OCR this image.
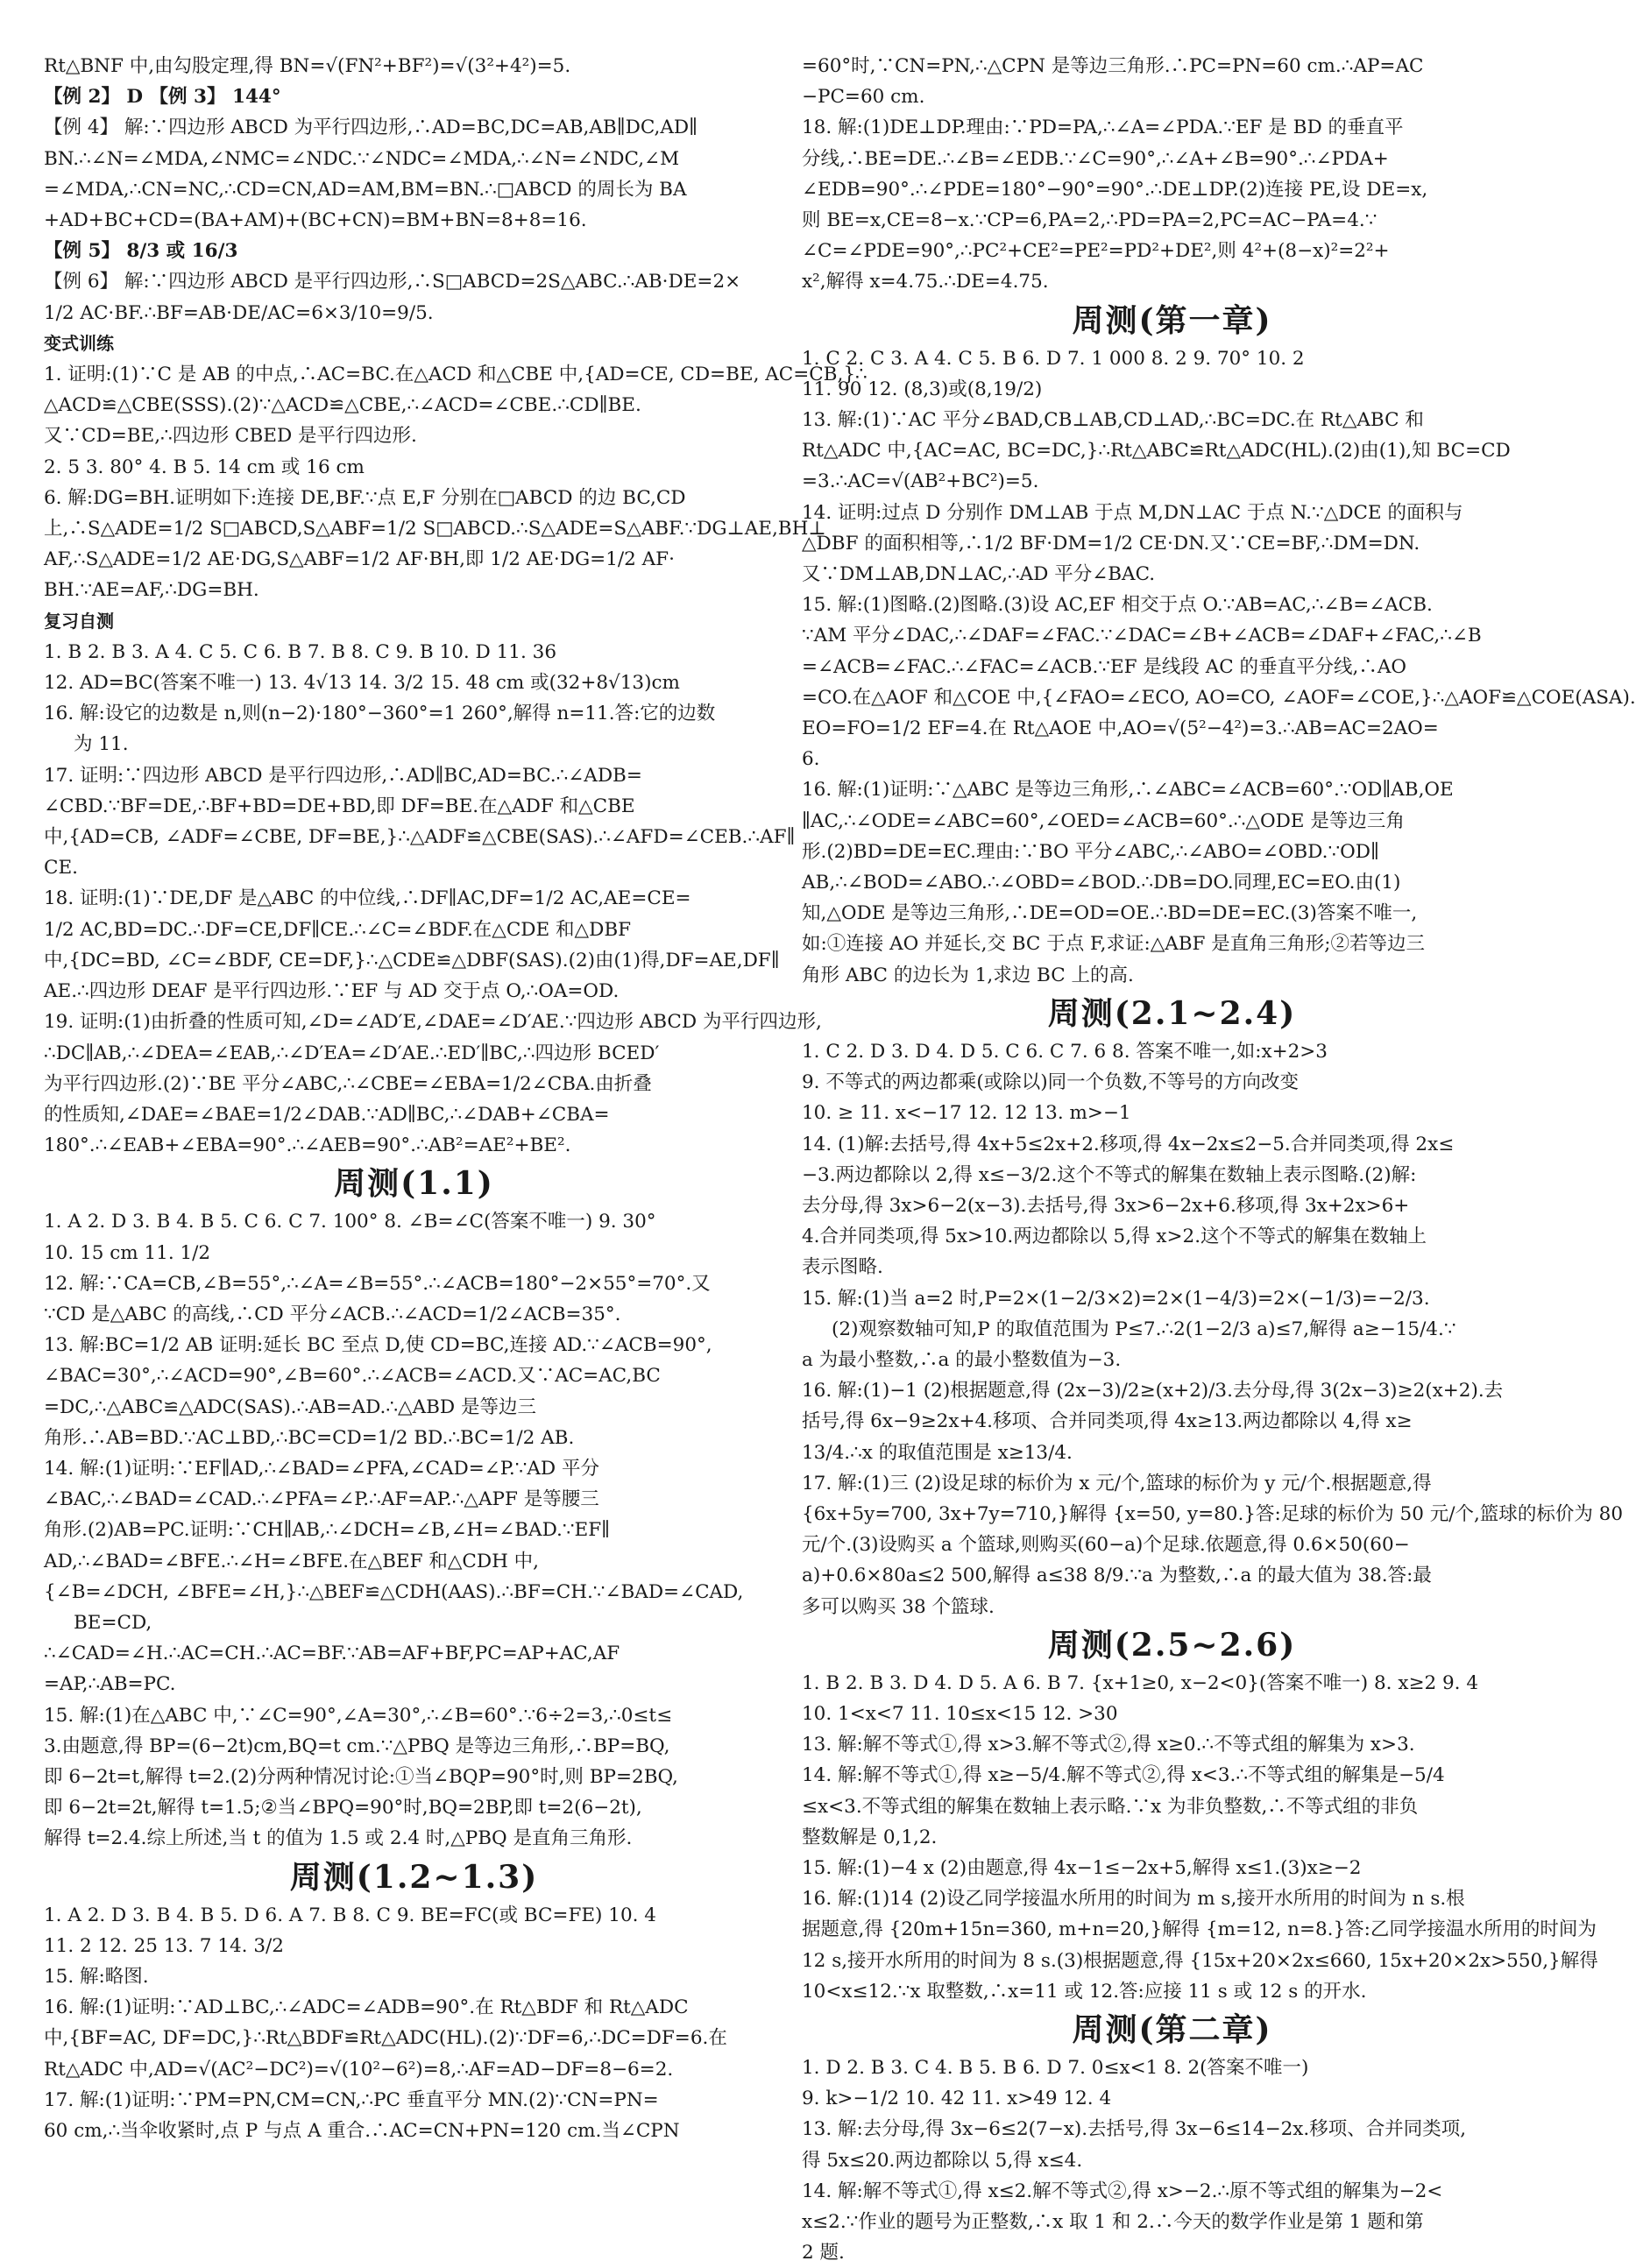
Rt△BNF 中,由勾股定理,得 BN=√(FN²+BF²)=√(3²+4²)=5.
【例 2】 D 【例 3】 144°
【例 4】 解:∵四边形 ABCD 为平行四边形,∴AD=BC,DC=AB,AB∥DC,AD∥
BN.∴∠N=∠MDA,∠NMC=∠NDC.∵∠NDC=∠MDA,∴∠N=∠NDC,∠M
=∠MDA,∴CN=NC,∴CD=CN,AD=AM,BM=BN.∴□ABCD 的周长为 BA
+AD+BC+CD=(BA+AM)+(BC+CN)=BM+BN=8+8=16.
【例 5】 8/3 或 16/3
【例 6】 解:∵四边形 ABCD 是平行四边形,∴S□ABCD=2S△ABC.∴AB·DE=2×
1/2 AC·BF.∴BF=AB·DE/AC=6×3/10=9/5.
变式训练
1. 证明:(1)∵C 是 AB 的中点,∴AC=BC.在△ACD 和△CBE 中,{AD=CE, CD=BE, AC=CB,}∴
△ACD≌△CBE(SSS).(2)∵△ACD≌△CBE,∴∠ACD=∠CBE.∴CD∥BE.
又∵CD=BE,∴四边形 CBED 是平行四边形.
2. 5 3. 80° 4. B 5. 14 cm 或 16 cm
6. 解:DG=BH.证明如下:连接 DE,BF.∵点 E,F 分别在□ABCD 的边 BC,CD
上,∴S△ADE=1/2 S□ABCD,S△ABF=1/2 S□ABCD.∴S△ADE=S△ABF.∵DG⊥AE,BH⊥
AF,∴S△ADE=1/2 AE·DG,S△ABF=1/2 AF·BH,即 1/2 AE·DG=1/2 AF·
BH.∵AE=AF,∴DG=BH.
复习自测
1. B 2. B 3. A 4. C 5. C 6. B 7. B 8. C 9. B 10. D 11. 36
12. AD=BC(答案不唯一) 13. 4√13 14. 3/2 15. 48 cm 或(32+8√13)cm
16. 解:设它的边数是 n,则(n−2)·180°−360°=1 260°,解得 n=11.答:它的边数
为 11.
17. 证明:∵四边形 ABCD 是平行四边形,∴AD∥BC,AD=BC.∴∠ADB=
∠CBD.∵BF=DE,∴BF+BD=DE+BD,即 DF=BE.在△ADF 和△CBE
中,{AD=CB, ∠ADF=∠CBE, DF=BE,}∴△ADF≌△CBE(SAS).∴∠AFD=∠CEB.∴AF∥
CE.
18. 证明:(1)∵DE,DF 是△ABC 的中位线,∴DF∥AC,DF=1/2 AC,AE=CE=
1/2 AC,BD=DC.∴DF=CE,DF∥CE.∴∠C=∠BDF.在△CDE 和△DBF
中,{DC=BD, ∠C=∠BDF, CE=DF,}∴△CDE≌△DBF(SAS).(2)由(1)得,DF=AE,DF∥
AE.∴四边形 DEAF 是平行四边形.∵EF 与 AD 交于点 O,∴OA=OD.
19. 证明:(1)由折叠的性质可知,∠D=∠AD′E,∠DAE=∠D′AE.∵四边形 ABCD 为平行四边形,
∴DC∥AB,∴∠DEA=∠EAB,∴∠D′EA=∠D′AE.∴ED′∥BC,∴四边形 BCED′
为平行四边形.(2)∵BE 平分∠ABC,∴∠CBE=∠EBA=1/2∠CBA.由折叠
的性质知,∠DAE=∠BAE=1/2∠DAB.∵AD∥BC,∴∠DAB+∠CBA=
180°.∴∠EAB+∠EBA=90°.∴∠AEB=90°.∴AB²=AE²+BE².
周测(1.1)
1. A 2. D 3. B 4. B 5. C 6. C 7. 100° 8. ∠B=∠C(答案不唯一) 9. 30°
10. 15 cm 11. 1/2
12. 解:∵CA=CB,∠B=55°,∴∠A=∠B=55°.∴∠ACB=180°−2×55°=70°.又
∵CD 是△ABC 的高线,∴CD 平分∠ACB.∴∠ACD=1/2∠ACB=35°.
13. 解:BC=1/2 AB 证明:延长 BC 至点 D,使 CD=BC,连接 AD.∵∠ACB=90°,
∠BAC=30°,∴∠ACD=90°,∠B=60°.∴∠ACB=∠ACD.又∵AC=AC,BC
=DC,∴△ABC≌△ADC(SAS).∴AB=AD.∴△ABD 是等边三
角形.∴AB=BD.∵AC⊥BD,∴BC=CD=1/2 BD.∴BC=1/2 AB.
14. 解:(1)证明:∵EF∥AD,∴∠BAD=∠PFA,∠CAD=∠P.∵AD 平分
∠BAC,∴∠BAD=∠CAD.∴∠PFA=∠P.∴AF=AP.∴△APF 是等腰三
角形.(2)AB=PC.证明:∵CH∥AB,∴∠DCH=∠B,∠H=∠BAD.∵EF∥
AD,∴∠BAD=∠BFE.∴∠H=∠BFE.在△BEF 和△CDH 中,
{∠B=∠DCH, ∠BFE=∠H,}∴△BEF≌△CDH(AAS).∴BF=CH.∵∠BAD=∠CAD,
BE=CD,
∴∠CAD=∠H.∴AC=CH.∴AC=BF.∵AB=AF+BF,PC=AP+AC,AF
=AP,∴AB=PC.
15. 解:(1)在△ABC 中,∵∠C=90°,∠A=30°,∴∠B=60°.∵6÷2=3,∴0≤t≤
3.由题意,得 BP=(6−2t)cm,BQ=t cm.∵△PBQ 是等边三角形,∴BP=BQ,
即 6−2t=t,解得 t=2.(2)分两种情况讨论:①当∠BQP=90°时,则 BP=2BQ,
即 6−2t=2t,解得 t=1.5;②当∠BPQ=90°时,BQ=2BP,即 t=2(6−2t),
解得 t=2.4.综上所述,当 t 的值为 1.5 或 2.4 时,△PBQ 是直角三角形.
周测(1.2~1.3)
1. A 2. D 3. B 4. B 5. D 6. A 7. B 8. C 9. BE=FC(或 BC=FE) 10. 4
11. 2 12. 25 13. 7 14. 3/2
15. 解:略图.
16. 解:(1)证明:∵AD⊥BC,∴∠ADC=∠ADB=90°.在 Rt△BDF 和 Rt△ADC
中,{BF=AC, DF=DC,}∴Rt△BDF≌Rt△ADC(HL).(2)∵DF=6,∴DC=DF=6.在
Rt△ADC 中,AD=√(AC²−DC²)=√(10²−6²)=8,∴AF=AD−DF=8−6=2.
17. 解:(1)证明:∵PM=PN,CM=CN,∴PC 垂直平分 MN.(2)∵CN=PN=
60 cm,∴当伞收紧时,点 P 与点 A 重合.∴AC=CN+PN=120 cm.当∠CPN
=60°时,∵CN=PN,∴△CPN 是等边三角形.∴PC=PN=60 cm.∴AP=AC
−PC=60 cm.
18. 解:(1)DE⊥DP.理由:∵PD=PA,∴∠A=∠PDA.∵EF 是 BD 的垂直平
分线,∴BE=DE.∴∠B=∠EDB.∵∠C=90°,∴∠A+∠B=90°.∴∠PDA+
∠EDB=90°.∴∠PDE=180°−90°=90°.∴DE⊥DP.(2)连接 PE,设 DE=x,
则 BE=x,CE=8−x.∵CP=6,PA=2,∴PD=PA=2,PC=AC−PA=4.∵
∠C=∠PDE=90°,∴PC²+CE²=PE²=PD²+DE²,则 4²+(8−x)²=2²+
x²,解得 x=4.75.∴DE=4.75.
周测(第一章)
1. C 2. C 3. A 4. C 5. B 6. D 7. 1 000 8. 2 9. 70° 10. 2
11. 90 12. (8,3)或(8,19/2)
13. 解:(1)∵AC 平分∠BAD,CB⊥AB,CD⊥AD,∴BC=DC.在 Rt△ABC 和
Rt△ADC 中,{AC=AC, BC=DC,}∴Rt△ABC≌Rt△ADC(HL).(2)由(1),知 BC=CD
=3.∴AC=√(AB²+BC²)=5.
14. 证明:过点 D 分别作 DM⊥AB 于点 M,DN⊥AC 于点 N.∵△DCE 的面积与
△DBF 的面积相等,∴1/2 BF·DM=1/2 CE·DN.又∵CE=BF,∴DM=DN.
又∵DM⊥AB,DN⊥AC,∴AD 平分∠BAC.
15. 解:(1)图略.(2)图略.(3)设 AC,EF 相交于点 O.∵AB=AC,∴∠B=∠ACB.
∵AM 平分∠DAC,∴∠DAF=∠FAC.∵∠DAC=∠B+∠ACB=∠DAF+∠FAC,∴∠B
=∠ACB=∠FAC.∴∠FAC=∠ACB.∵EF 是线段 AC 的垂直平分线,∴AO
=CO.在△AOF 和△COE 中,{∠FAO=∠ECO, AO=CO, ∠AOF=∠COE,}∴△AOF≌△COE(ASA).
EO=FO=1/2 EF=4.在 Rt△AOE 中,AO=√(5²−4²)=3.∴AB=AC=2AO=
6.
16. 解:(1)证明:∵△ABC 是等边三角形,∴∠ABC=∠ACB=60°.∵OD∥AB,OE
∥AC,∴∠ODE=∠ABC=60°,∠OED=∠ACB=60°.∴△ODE 是等边三角
形.(2)BD=DE=EC.理由:∵BO 平分∠ABC,∴∠ABO=∠OBD.∵OD∥
AB,∴∠BOD=∠ABO.∴∠OBD=∠BOD.∴DB=DO.同理,EC=EO.由(1)
知,△ODE 是等边三角形,∴DE=OD=OE.∴BD=DE=EC.(3)答案不唯一,
如:①连接 AO 并延长,交 BC 于点 F,求证:△ABF 是直角三角形;②若等边三
角形 ABC 的边长为 1,求边 BC 上的高.
周测(2.1~2.4)
1. C 2. D 3. D 4. D 5. C 6. C 7. 6 8. 答案不唯一,如:x+2>3
9. 不等式的两边都乘(或除以)同一个负数,不等号的方向改变
10. ≥ 11. x<−17 12. 12 13. m>−1
14. (1)解:去括号,得 4x+5≤2x+2.移项,得 4x−2x≤2−5.合并同类项,得 2x≤
−3.两边都除以 2,得 x≤−3/2.这个不等式的解集在数轴上表示图略.(2)解:
去分母,得 3x>6−2(x−3).去括号,得 3x>6−2x+6.移项,得 3x+2x>6+
4.合并同类项,得 5x>10.两边都除以 5,得 x>2.这个不等式的解集在数轴上
表示图略.
15. 解:(1)当 a=2 时,P=2×(1−2/3×2)=2×(1−4/3)=2×(−1/3)=−2/3.
(2)观察数轴可知,P 的取值范围为 P≤7.∴2(1−2/3 a)≤7,解得 a≥−15/4.∵
a 为最小整数,∴a 的最小整数值为−3.
16. 解:(1)−1 (2)根据题意,得 (2x−3)/2≥(x+2)/3.去分母,得 3(2x−3)≥2(x+2).去
括号,得 6x−9≥2x+4.移项、合并同类项,得 4x≥13.两边都除以 4,得 x≥
13/4.∴x 的取值范围是 x≥13/4.
17. 解:(1)三 (2)设足球的标价为 x 元/个,篮球的标价为 y 元/个.根据题意,得
{6x+5y=700, 3x+7y=710,}解得 {x=50, y=80.}答:足球的标价为 50 元/个,篮球的标价为 80
元/个.(3)设购买 a 个篮球,则购买(60−a)个足球.依题意,得 0.6×50(60−
a)+0.6×80a≤2 500,解得 a≤38 8/9.∵a 为整数,∴a 的最大值为 38.答:最
多可以购买 38 个篮球.
周测(2.5~2.6)
1. B 2. B 3. D 4. D 5. A 6. B 7. {x+1≥0, x−2<0}(答案不唯一) 8. x≥2 9. 4
10. 1<x<7 11. 10≤x<15 12. >30
13. 解:解不等式①,得 x>3.解不等式②,得 x≥0.∴不等式组的解集为 x>3.
14. 解:解不等式①,得 x≥−5/4.解不等式②,得 x<3.∴不等式组的解集是−5/4
≤x<3.不等式组的解集在数轴上表示略.∵x 为非负整数,∴不等式组的非负
整数解是 0,1,2.
15. 解:(1)−4 x (2)由题意,得 4x−1≤−2x+5,解得 x≤1.(3)x≥−2
16. 解:(1)14 (2)设乙同学接温水所用的时间为 m s,接开水所用的时间为 n s.根
据题意,得 {20m+15n=360, m+n=20,}解得 {m=12, n=8.}答:乙同学接温水所用的时间为
12 s,接开水所用的时间为 8 s.(3)根据题意,得 {15x+20×2x≤660, 15x+20×2x>550,}解得
10<x≤12.∵x 取整数,∴x=11 或 12.答:应接 11 s 或 12 s 的开水.
周测(第二章)
1. D 2. B 3. C 4. B 5. B 6. D 7. 0≤x<1 8. 2(答案不唯一)
9. k>−1/2 10. 42 11. x>49 12. 4
13. 解:去分母,得 3x−6≤2(7−x).去括号,得 3x−6≤14−2x.移项、合并同类项,
得 5x≤20.两边都除以 5,得 x≤4.
14. 解:解不等式①,得 x≤2.解不等式②,得 x>−2.∴原不等式组的解集为−2<
x≤2.∵作业的题号为正整数,∴x 取 1 和 2.∴今天的数学作业是第 1 题和第
2 题.
